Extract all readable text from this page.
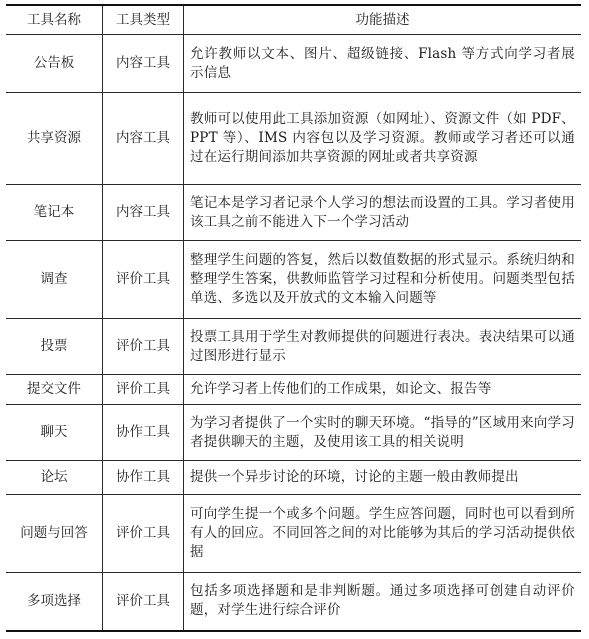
工具名称	工具类型	功能描述
公告板	内容工具	允许教师以文本、图片、超级链接、Flash 等方式向学习者展示信息
共享资源	内容工具	教师可以使用此工具添加资源（如网址）、资源文件（如 PDF、PPT 等）、IMS 内容包以及学习资源。教师或学习者还可以通过在运行期间添加共享资源的网址或者共享资源
笔记本	内容工具	笔记本是学习者记录个人学习的想法而设置的工具。学习者使用该工具之前不能进入下一个学习活动
调查	评价工具	整理学生问题的答复，然后以数值数据的形式显示。系统归纳和整理学生答案，供教师监管学习过程和分析使用。问题类型包括单选、多选以及开放式的文本输入问题等
投票	评价工具	投票工具用于学生对教师提供的问题进行表决。表决结果可以通过图形进行显示
提交文件	评价工具	允许学习者上传他们的工作成果，如论文、报告等
聊天	协作工具	为学习者提供了一个实时的聊天环境。“指导的”区域用来向学习者提供聊天的主题，及使用该工具的相关说明
论坛	协作工具	提供一个异步讨论的环境，讨论的主题一般由教师提出
问题与回答	评价工具	可向学生提一个或多个问题。学生应答问题，同时也可以看到所有人的回应。不同回答之间的对比能够为其后的学习活动提供依据
多项选择	评价工具	包括多项选择题和是非判断题。通过多项选择可创建自动评价题，对学生进行综合评价
